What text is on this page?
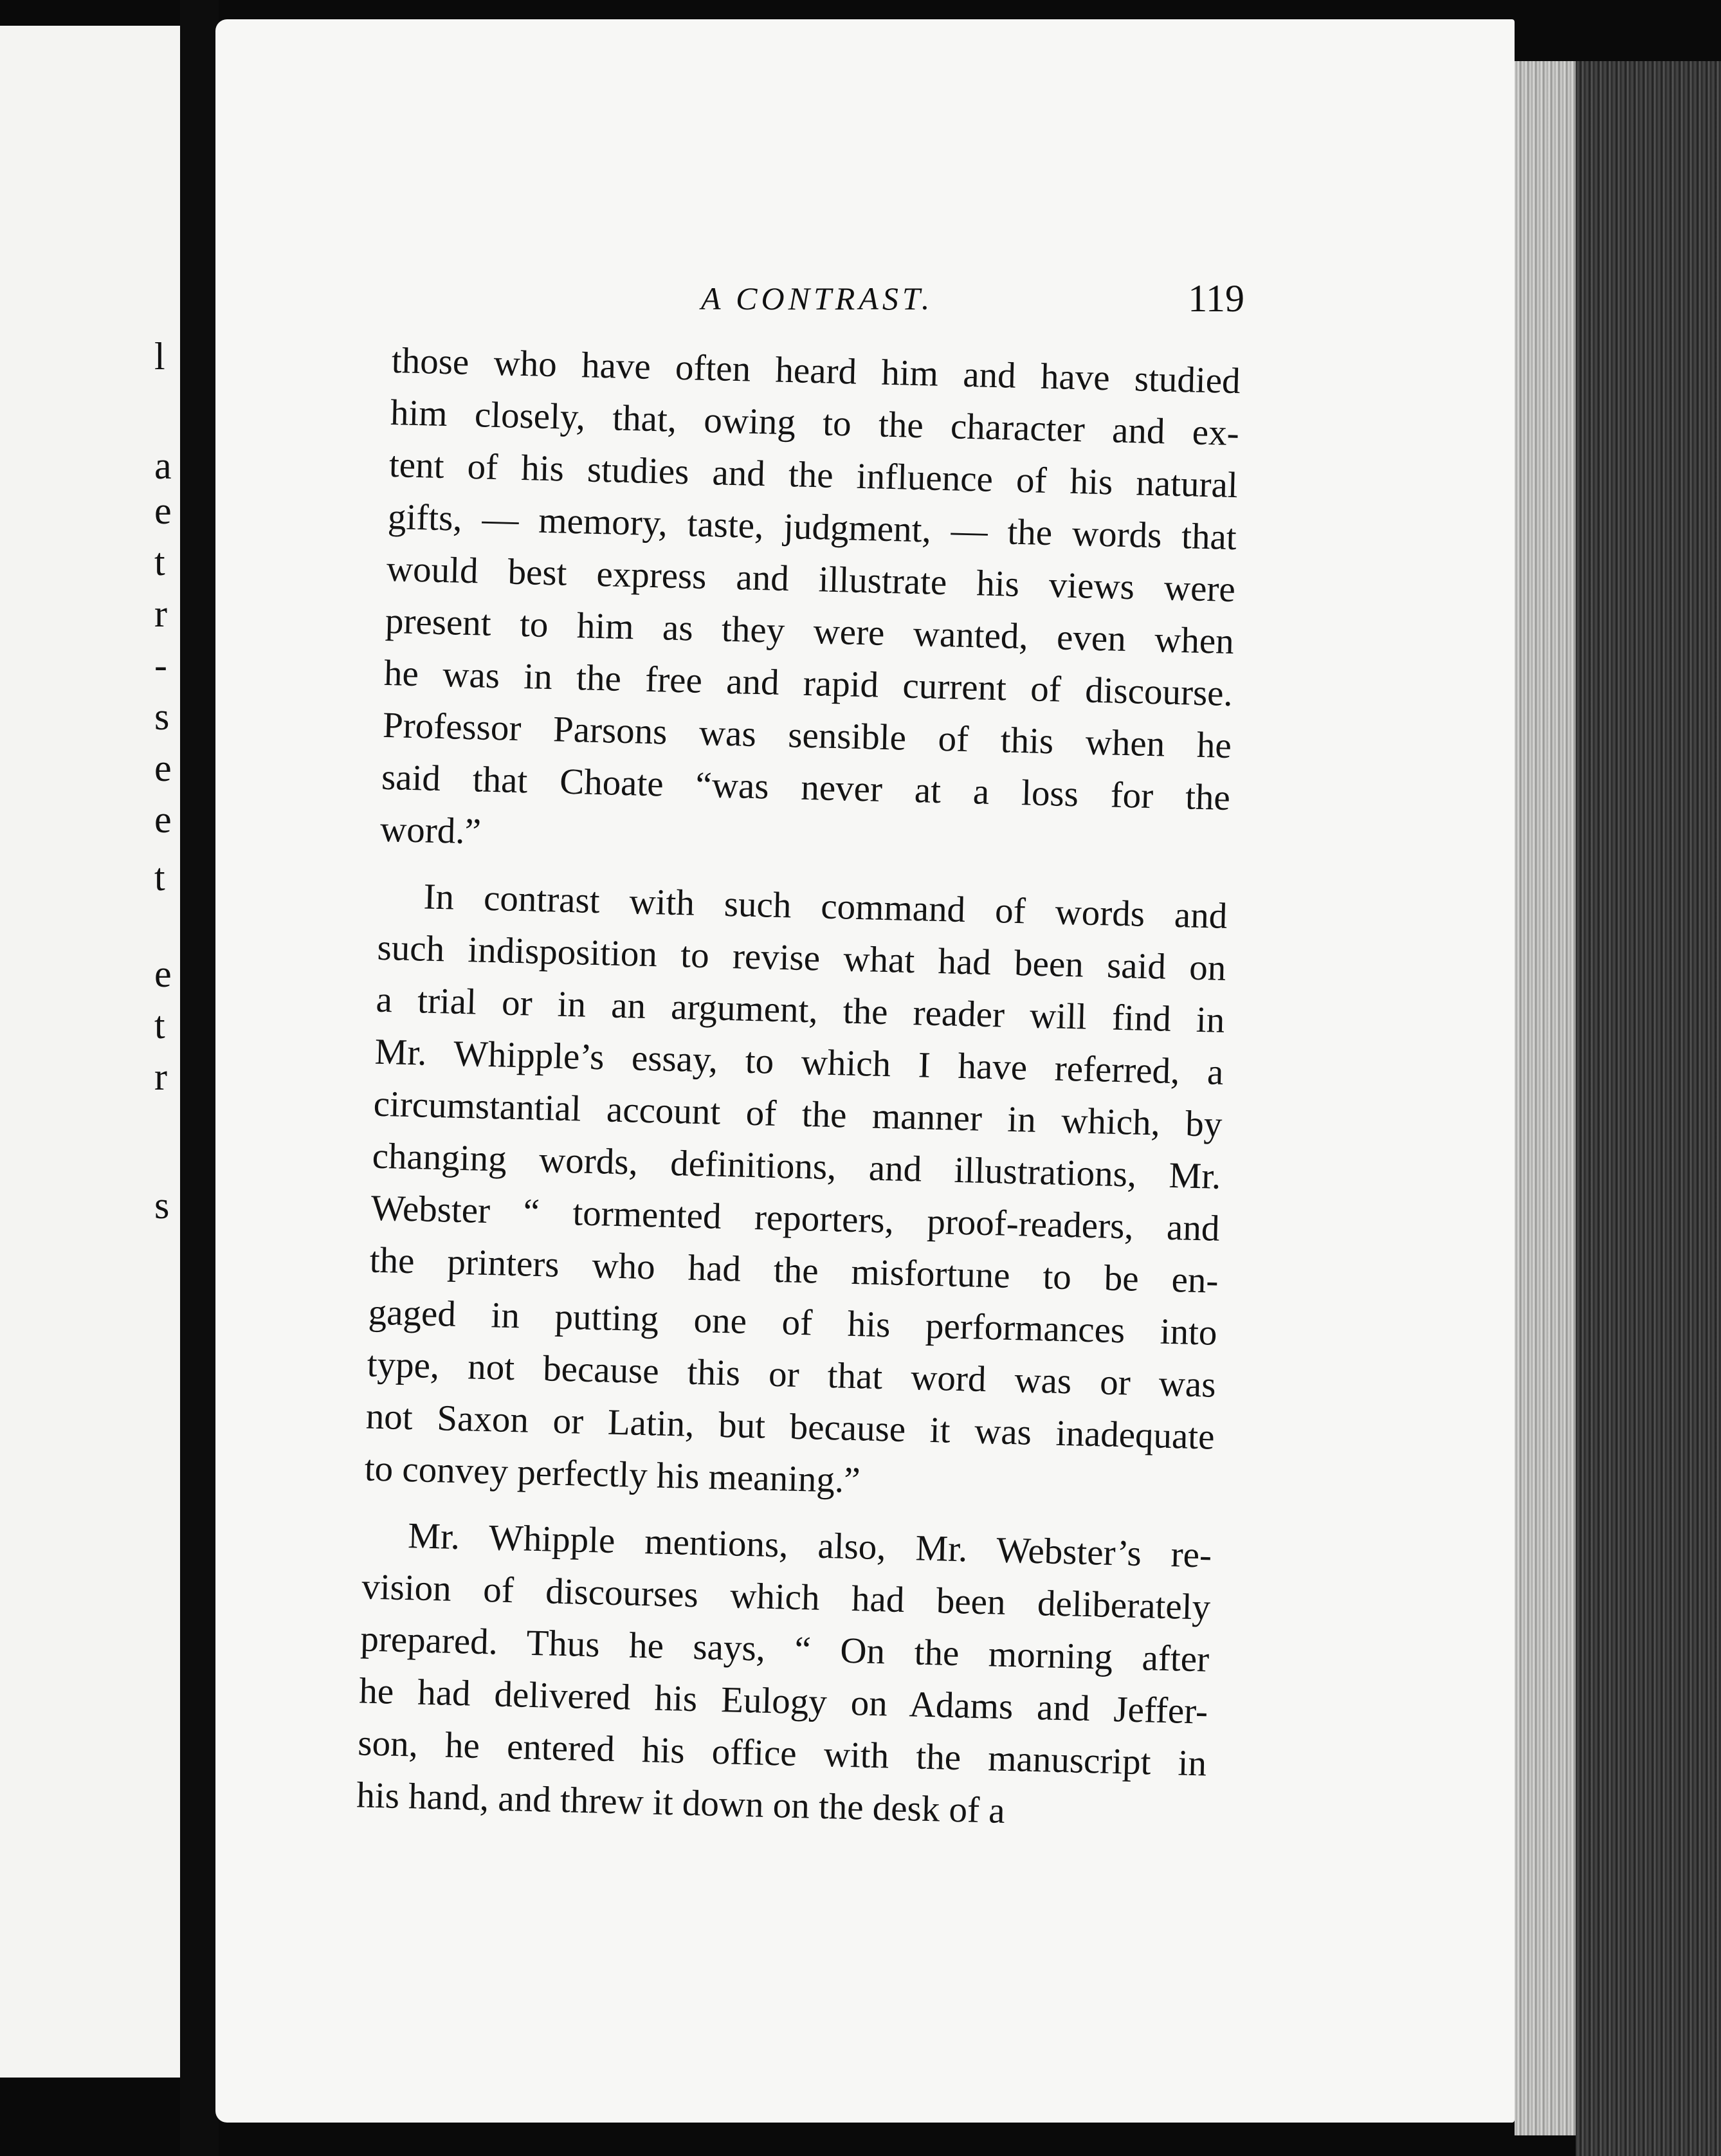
l
a
e
t
r
-
s
e
e
t
e
t
r
s
A CONTRAST.	119
those who have often heard him and have studied
him closely, that, owing to the character and ex-
tent of his studies and the influence of his natural
gifts, — memory, taste, judgment, — the words that
would best express and illustrate his views were
present to him as they were wanted, even when
he was in the free and rapid current of discourse.
Professor Parsons was sensible of this when he
said that Choate “was never at a loss for the
word.”
In contrast with such command of words and
such indisposition to revise what had been said on
a trial or in an argument, the reader will find in
Mr. Whipple’s essay, to which I have referred, a
circumstantial account of the manner in which, by
changing words, definitions, and illustrations, Mr.
Webster “ tormented reporters, proof-readers, and
the printers who had the misfortune to be en-
gaged in putting one of his performances into
type, not because this or that word was or was
not Saxon or Latin, but because it was inadequate
to convey perfectly his meaning.”
Mr. Whipple mentions, also, Mr. Webster’s re-
vision of discourses which had been deliberately
prepared. Thus he says, “ On the morning after
he had delivered his Eulogy on Adams and Jeffer-
son, he entered his office with the manuscript in
his hand, and threw it down on the desk of a
